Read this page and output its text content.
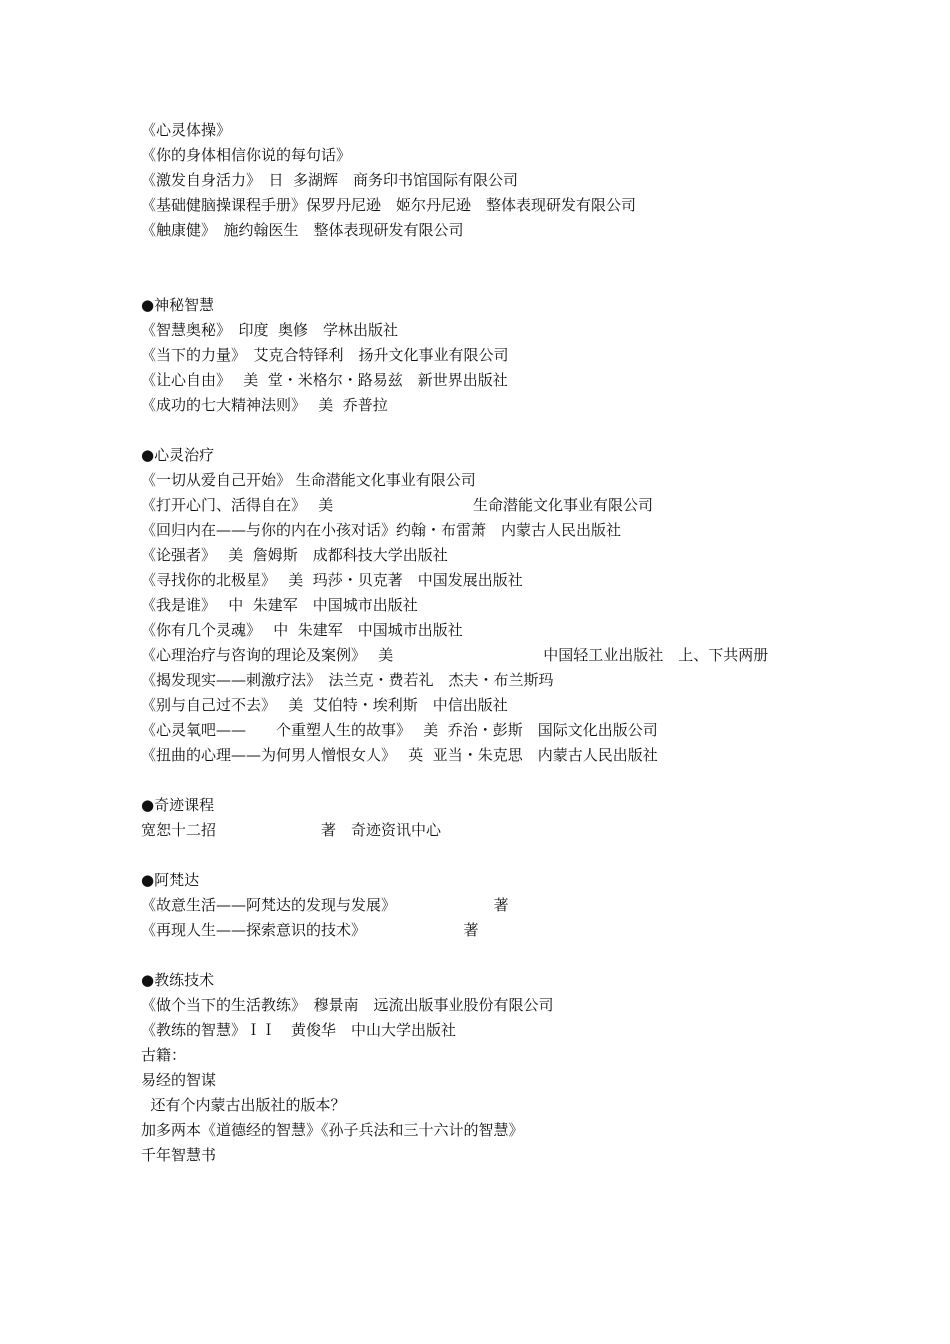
《心灵体操》
《你的身体相信你说的每句话》
《激发自身活力》　日  多湖辉　商务印书馆国际有限公司
《基础健脑操课程手册》保罗丹尼逊　姬尔丹尼逊　整体表现研发有限公司
《触康健》　施约翰医生　整体表现研发有限公司
●神秘智慧
《智慧奥秘》　印度  奥修　学林出版社
《当下的力量》　艾克合特铎利　扬升文化事业有限公司
《让心自由》　 美  堂・米格尔・路易兹　新世界出版社
《成功的七大精神法则》　 美  乔普拉
●心灵治疗
《一切从爱自己开始》 生命潜能文化事业有限公司
《打开心门、活得自在》　 美　　　　　　　　　 生命潜能文化事业有限公司
《回归内在——与你的内在小孩对话》约翰・布雷萧　内蒙古人民出版社
《论强者》　 美  詹姆斯　成都科技大学出版社
《寻找你的北极星》　 美  玛莎・贝克著　中国发展出版社
《我是谁》　 中  朱建军　中国城市出版社
《你有几个灵魂》　 中  朱建军　中国城市出版社
《心理治疗与咨询的理论及案例》　 美　　　　　　　　　　中国轻工业出版社　上、下共两册
《揭发现实——刺激疗法》　法兰克・费若礼　杰夫・布兰斯玛
《别与自己过不去》　 美  艾伯特・埃利斯　中信出版社
《心灵氧吧——　　个重塑人生的故事》　 美  乔治・彭斯　国际文化出版公司
《扭曲的心理——为何男人憎恨女人》　 英  亚当・朱克思　内蒙古人民出版社
●奇迹课程
宽恕十二招　　　　　　　著　奇迹资讯中心
●阿梵达
《故意生活——阿梵达的发现与发展》　　　　　　　著
《再现人生——探索意识的技术》　　　　　　　著
●教练技术
《做个当下的生活教练》　穆景南　远流出版事业股份有限公司
《教练的智慧》ＩＩ　黄俊华　中山大学出版社
古籍：
易经的智谋
还有个内蒙古出版社的版本？
加多两本《道德经的智慧》《孙子兵法和三十六计的智慧》
千年智慧书
